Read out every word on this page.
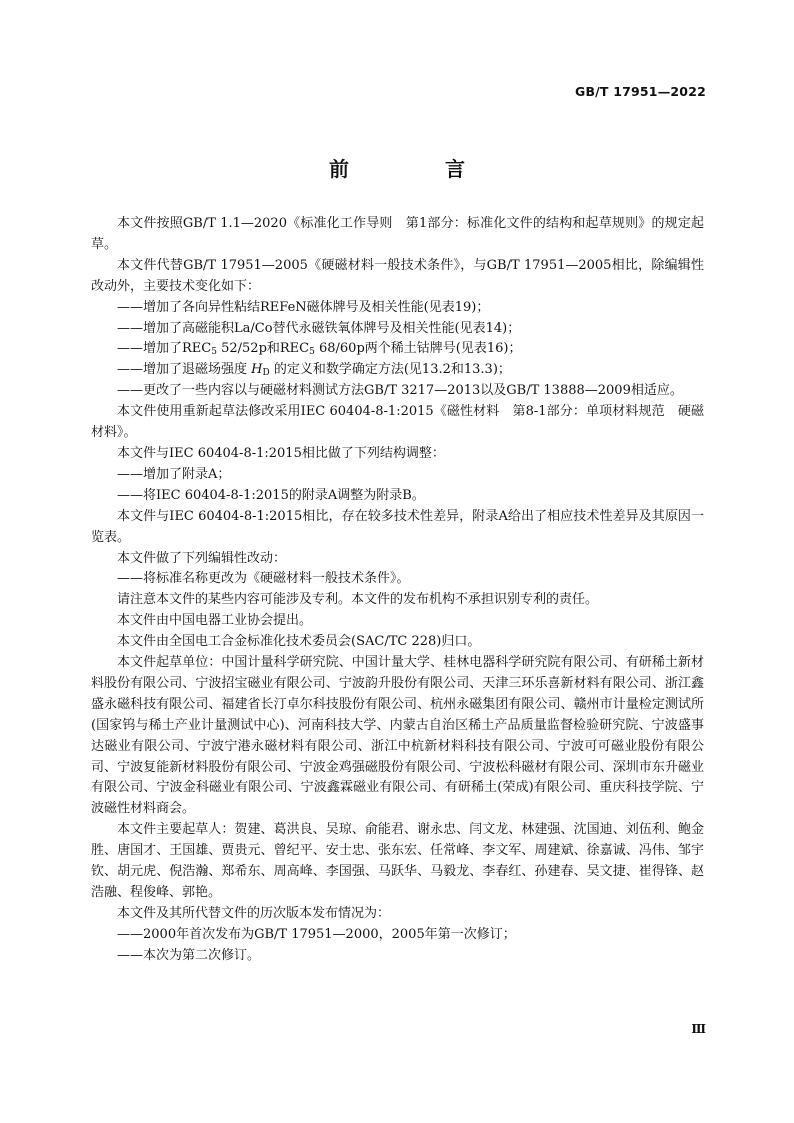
GB/T 17951—2022
前　言

本文件按照GB/T 1.1—2020《标准化工作导则　第1部分：标准化文件的结构和起草规则》的规定起草。

本文件代替GB/T 17951—2005《硬磁材料一般技术条件》，与GB/T 17951—2005相比，除编辑性改动外，主要技术变化如下：

——增加了各向异性粘结REFeN磁体牌号及相关性能(见表19)；

——增加了高磁能积La/Co替代永磁铁氧体牌号及相关性能(见表14)；

——增加了$REC_5$ 52/52p和$REC_5$ 68/60p两个稀土钴牌号(见表16)；

——增加了退磁场强度 $H_D$ 的定义和数学确定方法(见13.2和13.3)；

——更改了一些内容以与硬磁材料测试方法GB/T 3217—2013以及GB/T 13888—2009相适应。

本文件使用重新起草法修改采用IEC 60404-8-1:2015《磁性材料　第8-1部分：单项材料规范　硬磁材料》。

本文件与IEC 60404-8-1:2015相比做了下列结构调整：

——增加了附录A；

——将IEC 60404-8-1:2015的附录A调整为附录B。

本文件与IEC 60404-8-1:2015相比，存在较多技术性差异，附录A给出了相应技术性差异及其原因一览表。

本文件做了下列编辑性改动：

——将标准名称更改为《硬磁材料一般技术条件》。

请注意本文件的某些内容可能涉及专利。本文件的发布机构不承担识别专利的责任。

本文件由中国电器工业协会提出。

本文件由全国电工合金标准化技术委员会(SAC/TC 228)归口。

本文件起草单位：中国计量科学研究院、中国计量大学、桂林电器科学研究院有限公司、有研稀土新材料股份有限公司、宁波招宝磁业有限公司、宁波韵升股份有限公司、天津三环乐喜新材料有限公司、浙江鑫盛永磁科技有限公司、福建省长汀卓尔科技股份有限公司、杭州永磁集团有限公司、赣州市计量检定测试所(国家钨与稀土产业计量测试中心)、河南科技大学、内蒙古自治区稀土产品质量监督检验研究院、宁波盛事达磁业有限公司、宁波宁港永磁材料有限公司、浙江中杭新材料科技有限公司、宁波可可磁业股份有限公司、宁波复能新材料股份有限公司、宁波金鸡强磁股份有限公司、宁波松科磁材有限公司、深圳市东升磁业有限公司、宁波金科磁业有限公司、宁波鑫霖磁业有限公司、有研稀土(荣成)有限公司、重庆科技学院、宁波磁性材料商会。

本文件主要起草人：贺建、葛洪良、吴琼、俞能君、谢永忠、闫文龙、林建强、沈国迪、刘伍利、鲍金胜、唐国才、王国雄、贾贵元、曾纪平、安士忠、张东宏、任常峰、李文军、周建斌、徐嘉诚、冯伟、邹宇钦、胡元虎、倪浩瀚、郑希东、周高峰、李国强、马跃华、马毅龙、李春红、孙建春、吴文捷、崔得锋、赵浩融、程俊峰、郭艳。

本文件及其所代替文件的历次版本发布情况为：

——2000年首次发布为GB/T 17951—2000，2005年第一次修订；

——本次为第二次修订。

Ⅲ
